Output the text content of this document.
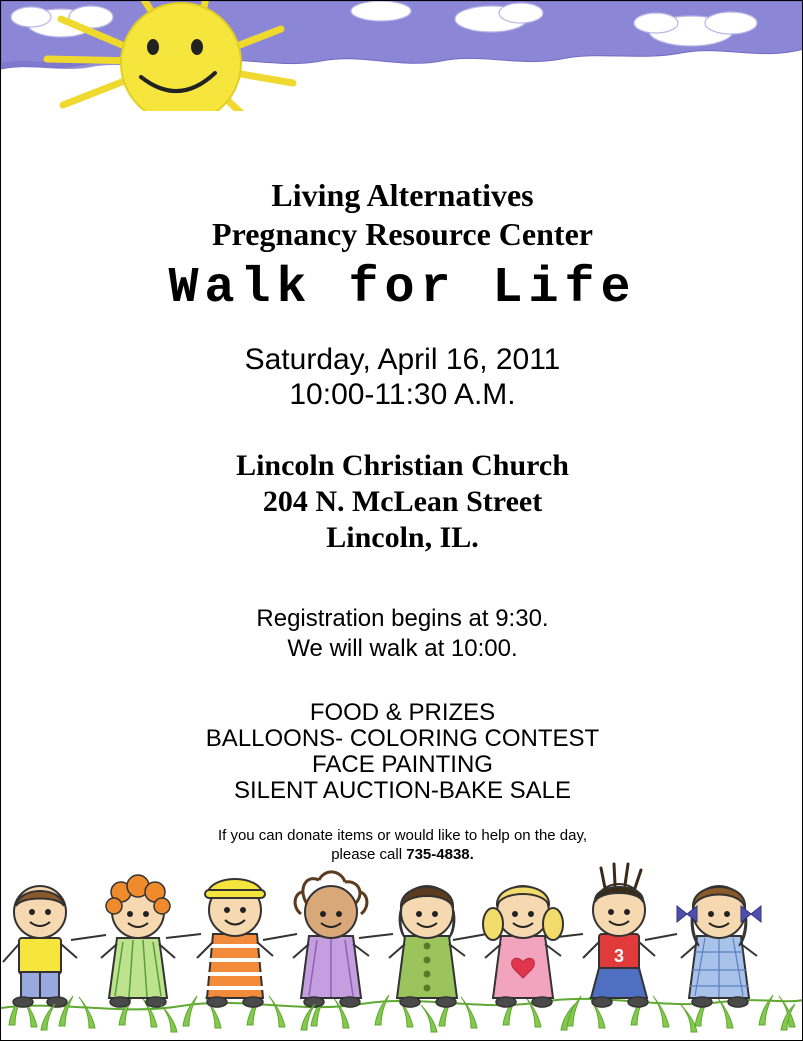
Living Alternatives
Pregnancy Resource Center
Walk for Life
Saturday, April 16, 2011
10:00-11:30 A.M.
Lincoln Christian Church
204 N. McLean Street
Lincoln, IL.
Registration begins at 9:30.
We will walk at 10:00.
FOOD & PRIZES
BALLOONS- COLORING CONTEST
FACE PAINTING
SILENT AUCTION-BAKE SALE
If you can donate items or would like to help on the day,
please call 735-4838.
3
